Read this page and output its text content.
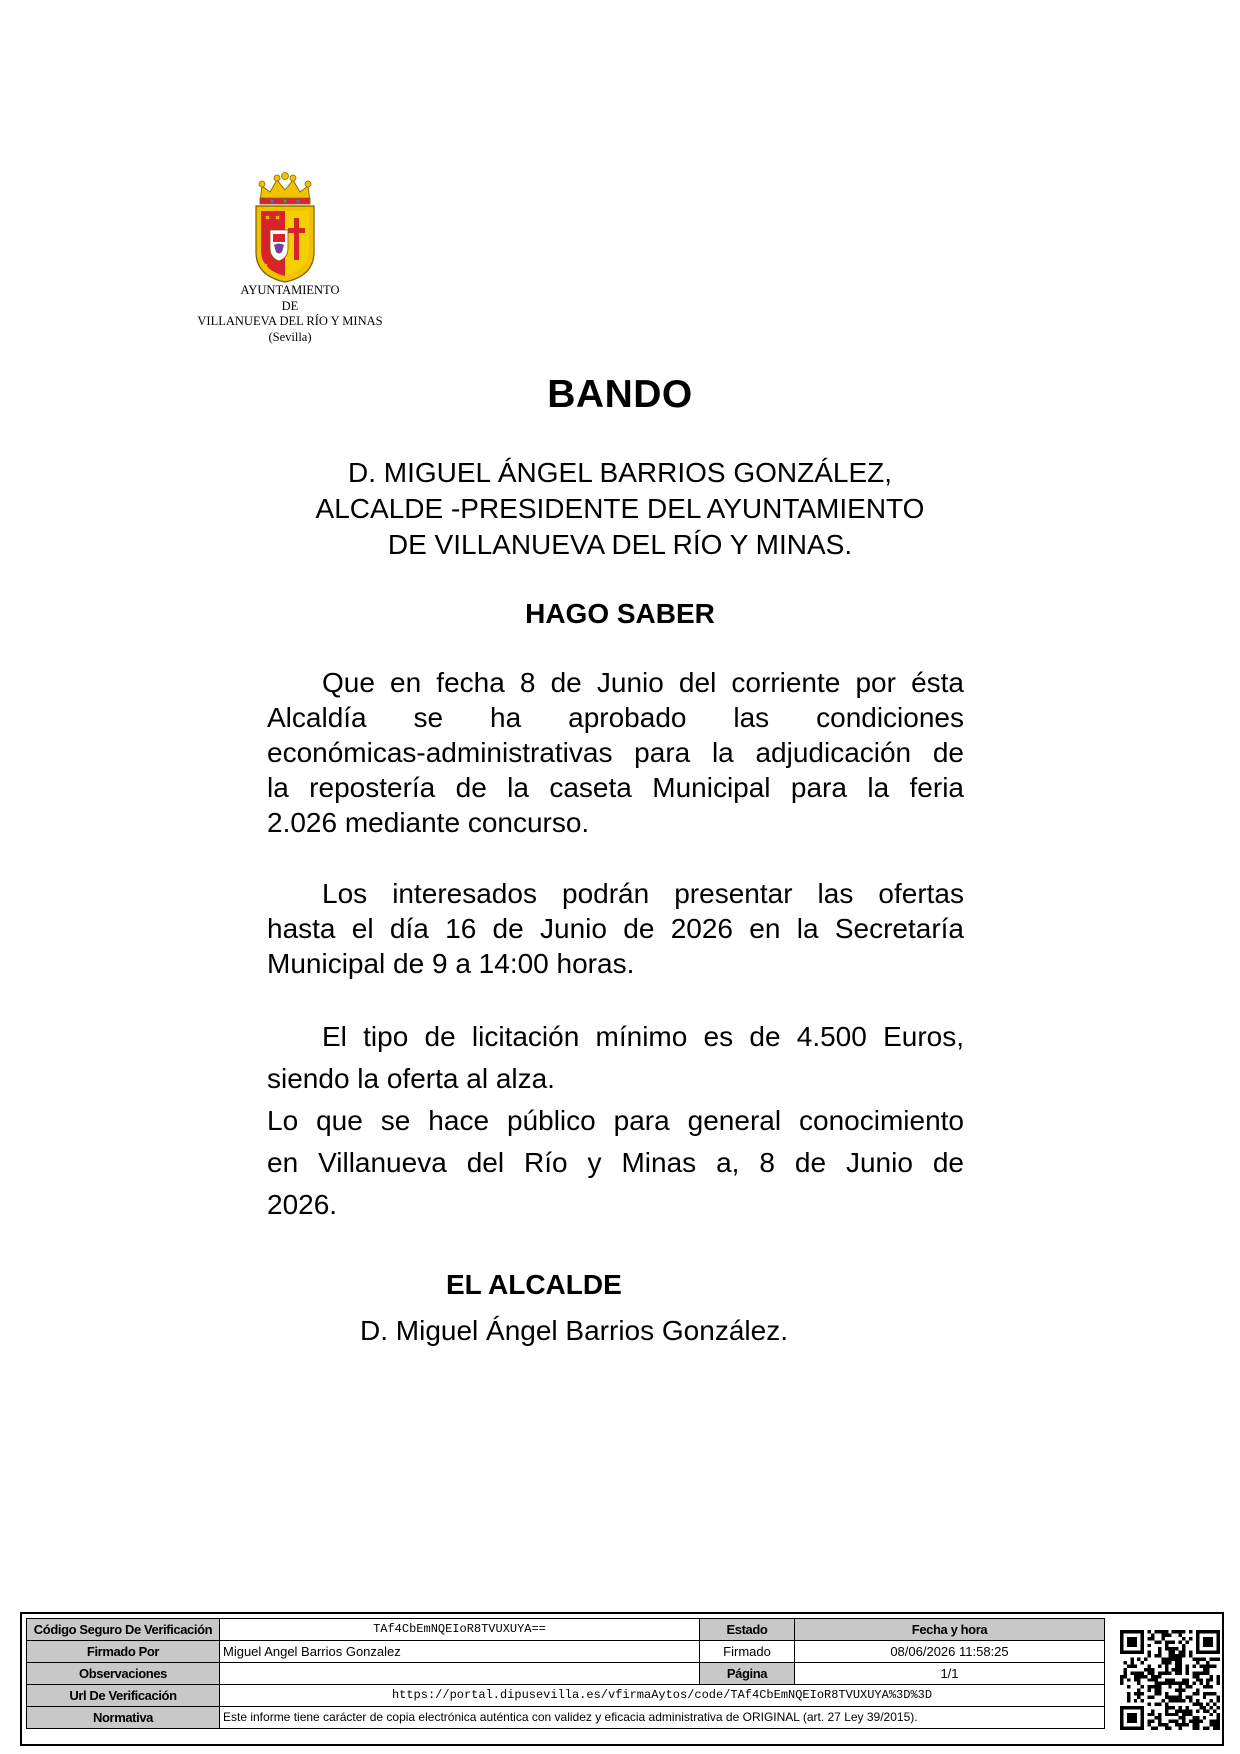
AYUNTAMIENTO
DE
VILLANUEVA DEL RÍO Y MINAS
(Sevilla)
BANDO
D. MIGUEL ÁNGEL BARRIOS GONZÁLEZ,
ALCALDE -PRESIDENTE DEL AYUNTAMIENTO
DE VILLANUEVA DEL RÍO Y MINAS.
HAGO SABER
Que en fecha 8 de Junio del corriente por ésta
Alcaldía se ha aprobado las condiciones
económicas-administrativas para la adjudicación de
la repostería de la caseta Municipal para la feria
2.026 mediante concurso.
Los interesados podrán presentar las ofertas
hasta el día 16 de Junio de 2026 en la Secretaría
Municipal de 9 a 14:00 horas.
El tipo de licitación mínimo es de 4.500 Euros,
siendo la oferta al alza.
Lo que se hace público para general conocimiento
en Villanueva del Río y Minas a, 8 de Junio de
2026.
EL ALCALDE
D. Miguel Ángel Barrios González.
Código Seguro De Verificación	TAf4CbEmNQEIoR8TVUXUYA==	Estado	Fecha y hora
Firmado Por	Miguel Angel Barrios Gonzalez	Firmado	08/06/2026 11:58:25
Observaciones		Página	1/1
Url De Verificación	https://portal.dipusevilla.es/vfirmaAytos/code/TAf4CbEmNQEIoR8TVUXUYA%3D%3D		
Normativa	Este informe tiene carácter de copia electrónica auténtica con validez y eficacia administrativa de ORIGINAL (art. 27 Ley 39/2015).		
